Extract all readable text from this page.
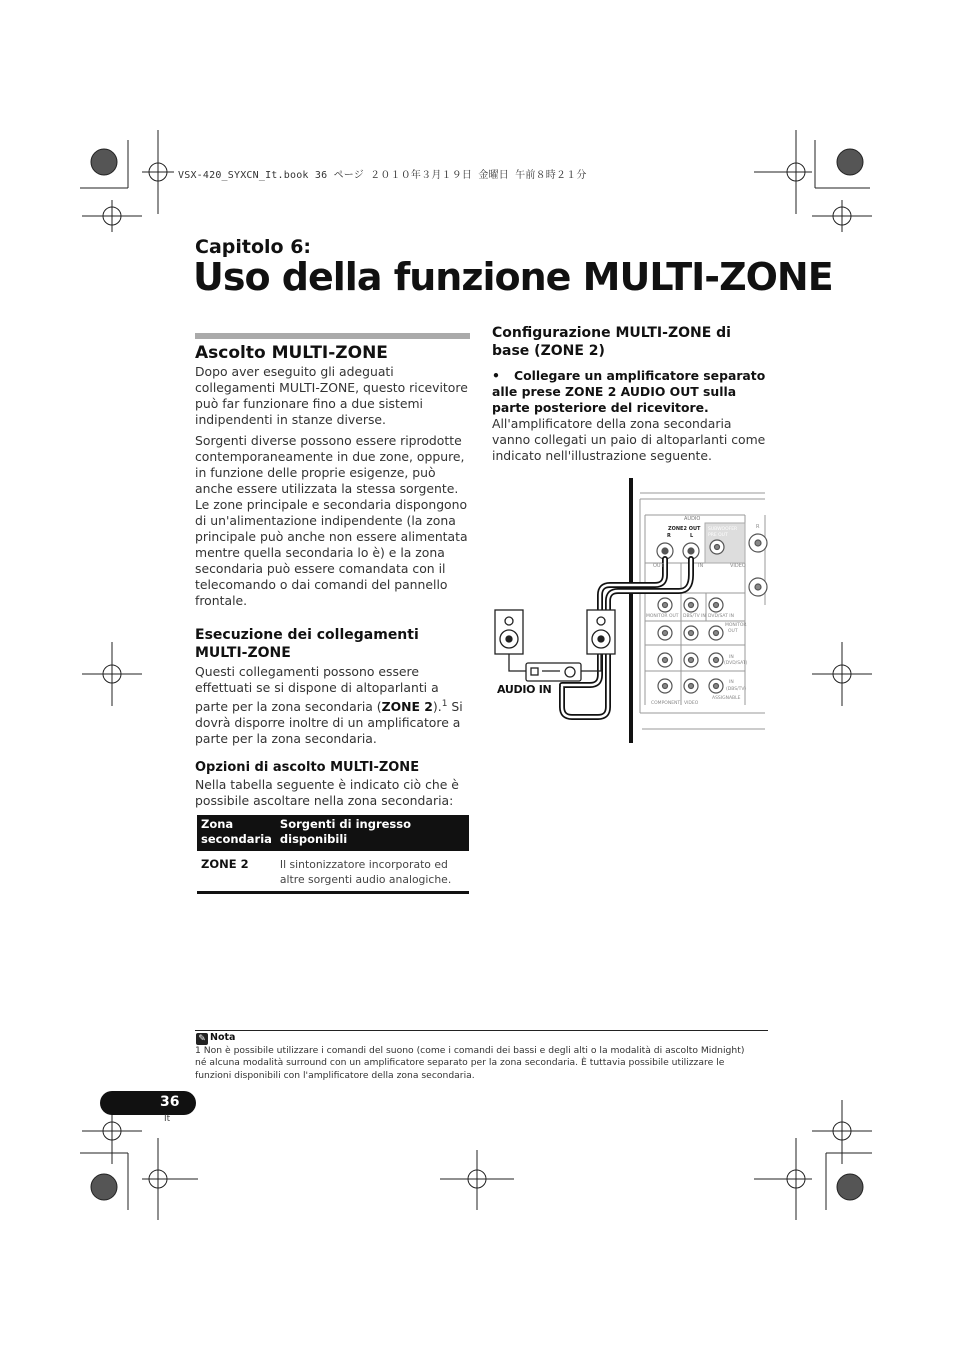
VSX-420_SYXCN_It.book 36 ページ ２０１０年３月１９日 金曜日 午前８時２１分
Capitolo 6:
Uso della funzione MULTI-ZONE
Ascolto MULTI-ZONE
Dopo aver eseguito gli adeguati collegamenti MULTI-ZONE, questo ricevitore può far funzionare fino a due sistemi indipendenti in stanze diverse.
Sorgenti diverse possono essere riprodotte contemporaneamente in due zone, oppure, in funzione delle proprie esigenze, può anche essere utilizzata la stessa sorgente. Le zone principale e secondaria dispongono di un'alimentazione indipendente (la zona principale può anche non essere alimentata mentre quella secondaria lo è) e la zona secondaria può essere comandata con il telecomando o dai comandi del pannello frontale.
Esecuzione dei collegamenti MULTI-ZONE
Questi collegamenti possono essere effettuati se si dispone di altoparlanti a parte per la zona secondaria (ZONE 2).$^1$ Si dovrà disporre inoltre di un amplificatore a parte per la zona secondaria.
Opzioni di ascolto MULTI-ZONE
Nella tabella seguente è indicato ciò che è possibile ascoltare nella zona secondaria:
Zona secondaria	Sorgenti di ingresso disponibili
ZONE 2	Il sintonizzatore incorporato ed altre sorgenti audio analogiche.
Configurazione MULTI-ZONE di base (ZONE 2)
•	Collegare un amplificatore separato alle prese ZONE 2 AUDIO OUT sulla parte posteriore del ricevitore.
All'amplificatore della zona secondaria vanno collegati un paio di altoparlanti come indicato nell'illustrazione seguente.
AUDIO IN
AUDIO
ZONE2 OUT
R	L
SUBWOOFER
PRE OUT
R
OUT	IN	VIDEO
MONITOR OUT DBS/TV IN DVD/SAT IN
MONITOR
OUT
IN
(DVD/SAT)
IN
(DBS/TV)
COMPONENT VIDEO
ASSIGNABLE
✎ Nota
1 Non è possibile utilizzare i comandi del suono (come i comandi dei bassi e degli alti o la modalità di ascolto Midnight) né alcuna modalità surround con un amplificatore separato per la zona secondaria. È tuttavia possibile utilizzare le funzioni disponibili con l'amplificatore della zona secondaria.
36
It
